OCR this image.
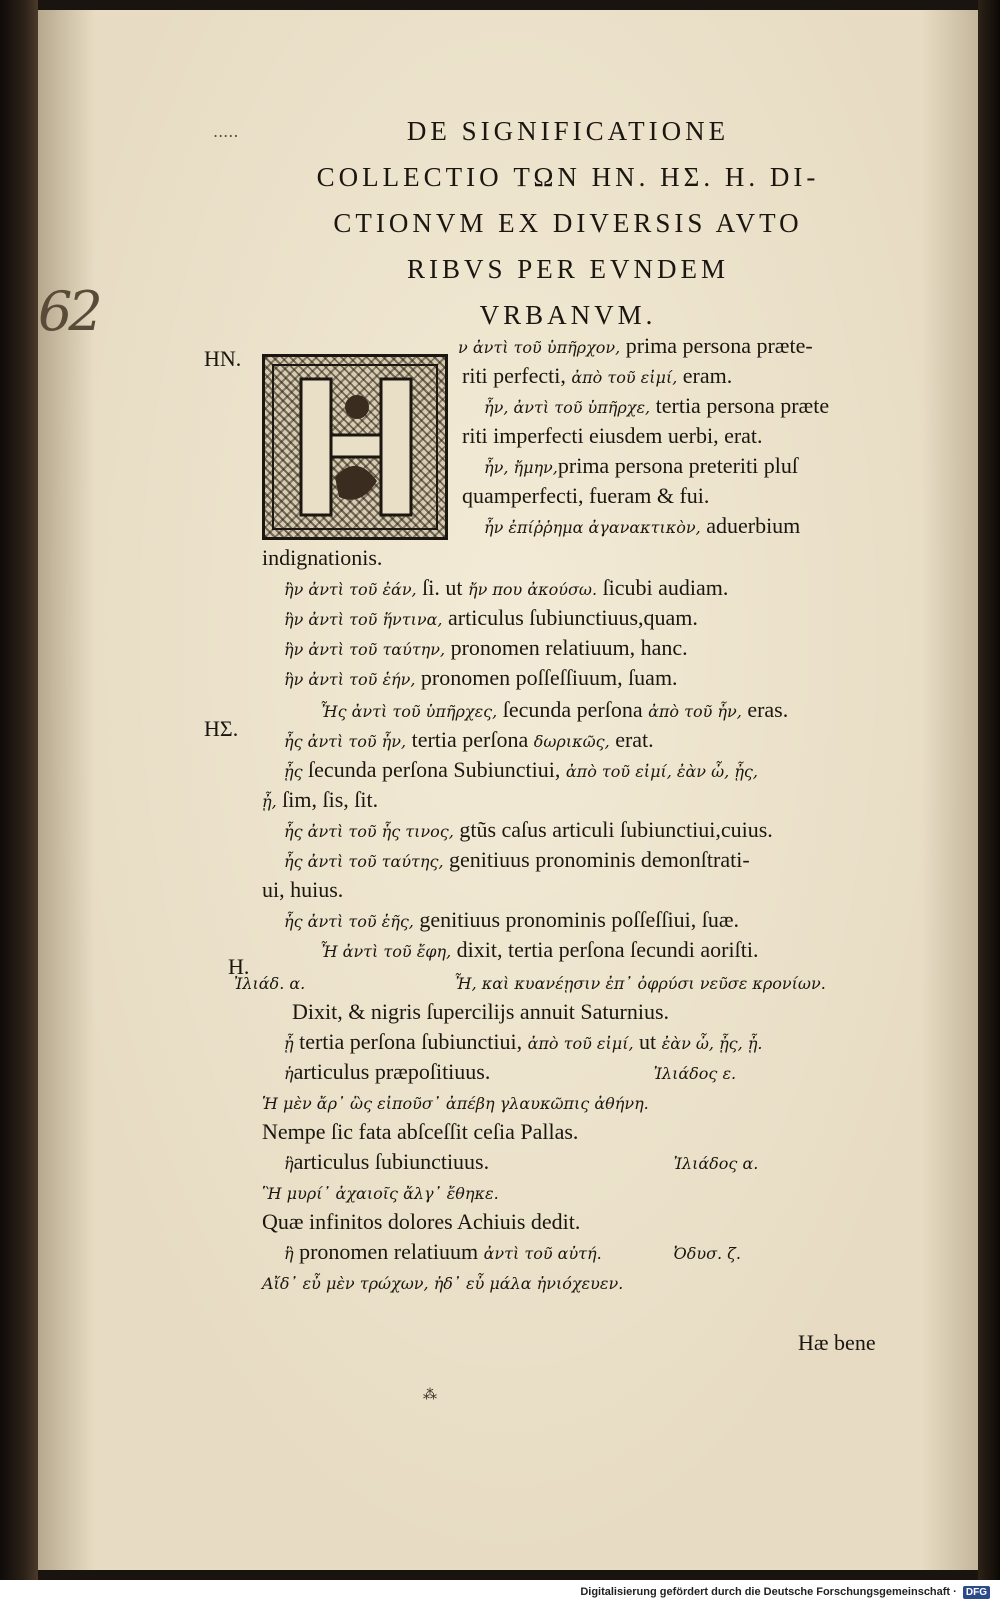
.....
62
DE SIGNIFICATIONE
COLLECTIO ΤΩΝ ΗΝ. ΗΣ. Η. DI-
CTIONVM EX DIVERSIS AVTO
RIBVS PER EVNDEM
VRBANVM.
HN.
HΣ.
H.
ν ἀντὶ τοῦ ὑπῆρχον, prima persona præte-
riti perfecti, ἀπὸ τοῦ εἰμί, eram.
ἦν, ἀντὶ τοῦ ὑπῆρχε, tertia persona præte
riti imperfecti eiusdem uerbi, erat.
ἦν, ἤμην,prima persona preteriti pluſ
quamperfecti, fueram & fui.
ἦν ἐπίῤῥημα ἀγανακτικὸν, aduerbium
indignationis.
ἢν ἀντὶ τοῦ ἐάν, ſi. ut ἤν που ἀκούσω. ſicubi audiam.
ἣν ἀντὶ τοῦ ἥντινα, articulus ſubiunctiuus,quam.
ἣν ἀντὶ τοῦ ταύτην, pronomen relatiuum, hanc.
ἣν ἀντὶ τοῦ ἑήν, pronomen poſſeſſiuum, ſuam.
Ἦς ἀντὶ τοῦ ὑπῆρχες, ſecunda perſona ἀπὸ τοῦ ἦν, eras.
ἦς ἀντὶ τοῦ ἦν, tertia perſona δωρικῶς, erat.
ᾖς ſecunda perſona Subiunctiui, ἀπὸ τοῦ εἰμί, ἐὰν ὦ, ᾖς,
ᾖ, ſim, ſis, ſit.
ἧς ἀντὶ τοῦ ἧς τινος, gtũs caſus articuli ſubiunctiui,cuius.
ἧς ἀντὶ τοῦ ταύτης, genitiuus pronominis demonſtrati-
ui, huius.
ἧς ἀντὶ τοῦ ἑῆς, genitiuus pronominis poſſeſſiui, ſuæ.
Ἦ ἀντὶ τοῦ ἔφη, dixit, tertia perſona ſecundi aoriſti.
Ἰλιάδ. α.	Ἦ, καὶ κυανέῃσιν ἐπ᾽ ὀφρύσι νεῦσε κρονίων.
Dixit, & nigris ſupercilijs annuit Saturnius.
ᾖ tertia perſona ſubiunctiui, ἀπὸ τοῦ εἰμί, ut ἐὰν ὦ, ᾖς, ᾖ.
ἡarticulus præpoſitiuus.	Ἰλιάδος ε.
Ἡ μὲν ἄρ᾽ ὣς εἰποῦσ᾽ ἀπέβη γλαυκῶπις ἀθήνη.
Nempe ſic fata abſceſſit ceſia Pallas.
ἣarticulus ſubiunctiuus.	Ἰλιάδος α.
Ἣ μυρί᾽ ἀχαιοῖς ἄλγ᾽ ἔθηκε.
Quæ infinitos dolores Achiuis dedit.
ἣ pronomen relatiuum ἀντὶ τοῦ αὐτή.	Ὀδυσ. ζ.
Αἴδ᾽ εὖ μὲν τρώχων, ἠδ᾽ εὖ μάλα ἠνιόχευεν.
Hæ bene
⁂
Digitalisierung gefördert durch die Deutsche Forschungsgemeinschaft · DFG
